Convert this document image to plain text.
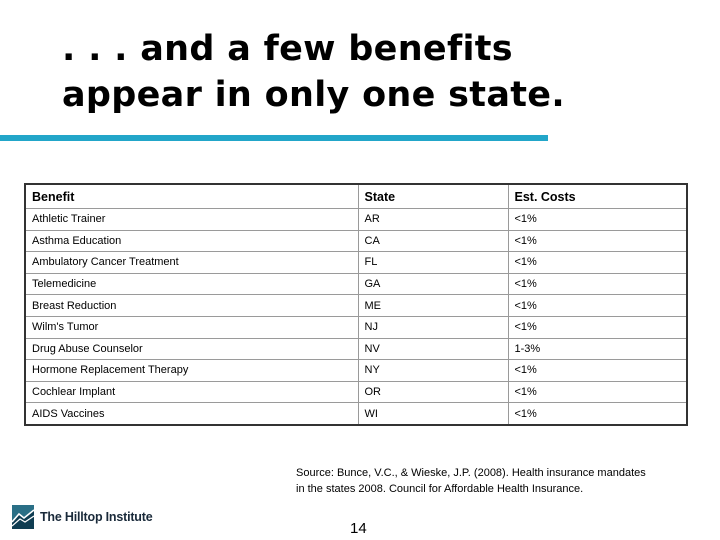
. . . and a few benefits
appear in only one state.
Benefit	State	Est. Costs
Athletic Trainer	AR	<1%
Asthma Education	CA	<1%
Ambulatory Cancer Treatment	FL	<1%
Telemedicine	GA	<1%
Breast Reduction	ME	<1%
Wilm's Tumor	NJ	<1%
Drug Abuse Counselor	NV	1-3%
Hormone Replacement Therapy	NY	<1%
Cochlear Implant	OR	<1%
AIDS Vaccines	WI	<1%
Source: Bunce, V.C., & Wieske, J.P. (2008). Health insurance mandates
in the states 2008. Council for Affordable Health Insurance.
The Hilltop Institute
14
